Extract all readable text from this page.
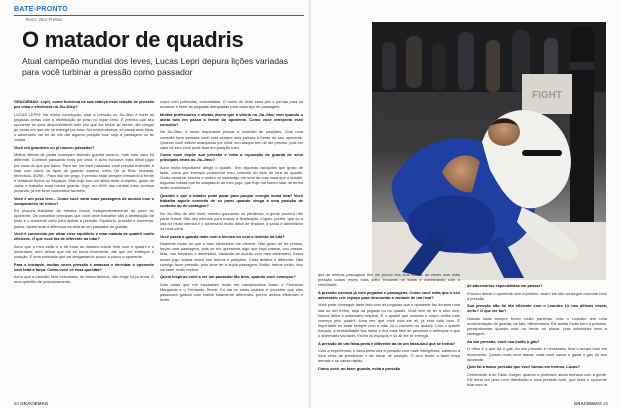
BATE-PRONTO
Texto: Vitor Freitas
O matador de quadris
Atual campeão mundial dos leves, Lucas Lepri depura lições variadas para você turbinar a pressão como passador

GRACIEMAG: Lepri, como funciona na sua cabeça essa relação de pressão por cima e eficiência no Jiu-Jitsu?

LUCAS LEPRI: Na minha concepção, usar a pressão no Jiu-Jitsu é fazer as pegadas certas com a distribuição de peso no lugar certo. É preciso que seu oponente se sinta desconfortável todo vez que ele tentar se mexer, até chegar ao ponto em que ele se entrega por total. Na minha cabeça, só passa uma ideia: o adversário vai ter de me dar alguma posição boa, seja a passagem ou as costas.

Você era guardeiro ou já nasceu passador?

Muitos atletas de ponta começam fazendo guarda mesmo, mas meu caso foi diferente. Comecei passando mais por cima, e acho inclusive mais difícil jogar por cima do que por baixo. Para ser um bom passador você precisa entender e lidar com todos os tipos de guarda: aranha, meia, De la Riva, fechada, berimbolo, 50/50... Para não ser pego, é preciso estar sempre pensando à frente e tentando fechar os espaços. Mas hoje sou um atleta mais completo, gosto de variar e trabalho mais minha guarda. Hoje, em 60% das minhas lutas começo puxando, já me sinto confortável também.

Você é um peso leve... Como você varia suas passagens de acordo com o companheiro de treino?

Eu procuro trabalhar da mesma forma, independentemente do peso do oponente. Os conceitos principais que você deve trabalhar são a distribuição de peso e o momento certo para aplicar a pressão. Equilíbrio, pressão e momento, juntos, fazem toda a diferença na vida de um passador de guarda.

Você é conhecido por atuar esse equilíbrio e uma matada de quadril muito eficiente. O que você faz de diferente ao lutar?

Acho que o meu estilo é o de estar ao máximo travar forte com o quadril e o adversário, sem deixar que ele se mova livremente, até que ele entregue a posição. É uma sufocada que vai desgastando pouco a pouco o oponente.

Para o iniciante, muitas vezes pressão é amassar e derrubar o oponente com toda a força. Como você vê essa questão?

Acho que a pressão bem executada, de forma técnica, não exige força bruta. É uma questão de posicionamento.

corpo com joelhadas, cotoveladas. O modo de estar seus pés e pernas para se encaixar e fazer as pegadas adequadas para cada tipo de passagem.

Muitos professores e atletas dizem que a vitória no Jiu-Jitsu vem quando o atleta tuta em passo à frente do oponente. Como você interpreta esse conceito?

No Jiu-Jitsu, é muito importante pensar a conexão de posições. Com uma conexão bem treinada você está sempre dois passos à frente do seu oponente. Quando você estiver avançando por cima, seu ataque tem de ser preciso, pois em caso de erro você pode ficar em posição ruim.

Como você impõe sua pressão e evita a reposição de guarda de seus principais rivais no Jiu-Jitsu?

Acho muito importante atingir o quadril. Tem algumas variações que gosto de fazer, como por exemplo posicionar meu cotovelo do lado de fora do quadril. Gosto ainda de colocar o ombro no estômago em uma de cote cosa que o quadril. Algumas coisas que fui adaptando ao meu jogo, que hoje me fazem lutar de forma muito confortável.

Quando é que o lutador pode parar para poupar energia numa luta? Você trabalha aquele conceito de só parar quando chega a uma posição de conforto ou de vantagem?

No Jiu-Jitsu de alto nível, mesmo ganhando ou perdendo, a gente procura não parar nunca. São dez minutos para buscar a finalização. Lógico, porém, que se a luta for muito intensa e o adversário muito difícil de finalizar, a saída é administrar na hora certa.

Você passa a guarda mais com a técnica ou com o instinto na luta?

Depende muito do que o meu adversário me oferece. Não gosto de ter pressa, forçar uma passagem, pois se ele apresenta algo que faça passar, vou passar. Mas, vou forçando o adversário. Variando de acordo com meu adversário, treino nesse jogo muitas vezes nos treinos e posições. Cada detalhe é diferente. Não consigo fazer pressão, pois deve ter a dupla passagem. Então, treinar muito, isso vai fazer muito melhor.

Quem inspirou você a ser um passador tão bom, quando você começou?

Dois caras que me inspiraram muito em campeonatos foram o Fernando Margarida e o Fernando Terere. Eu via os caras lutarem e perceber que eles passavam guarda com estilos totalmente diferentes, porém ambos eficientes e leves.

FIGHT

que as minhas passagens têm um pouco dos dois estilos: às vezes com mais pressão outras vezes mais solto, trocando os lados e combinando com a velocidade.

A pressão começa já com pegadas e passagens. Como você evita que o seu adversário crie espaço para desmontar a vontade de um rival?

Você pode conseguir fazer isso com as pegadas que o oponente faz durante uma luta ou um treino, seja na pegada ou no quadril. Você tem de ter o olho vivo. Nunca deixe o adversário respirar. É o quadril que conecta o corpo, então tudo começa pelo quadril. Uma vez que você cola ele ali, já está tudo bem. É importante eu estar sempre com a mão ou o cotovelo no quadril. Com o quadril travado, a sensibilidade fica maior e fica mais fácil de perceber e antecipar o que o adversário vai fazer. Fecha os espaços e só ali ele se entrega.

A pressão de um faixa-preta é diferente da de um faixa-azul que se treina?

Com a experiência, o faixa-preta usa a pressão com mais inteligência, sabendo a hora certa de pressionar e de trocar de posição. O azul tende a fazer força demais e se cansa rápido.

Como você, ao fazer guarda, evita a pressão

de adversários especialistas em passar?

Procuro deixar o oponente sem equilíbrio, assim ele não consegue executar bem a pressão.

Sua pressão não foi tão eficiente com o Leandro Lo nas últimas vezes, certo? O que ele faz?

Nossas lutas sempre foram muito parelhas, mas o Leandro tem uma movimentação de guarda, de fato, diferenciada. Ele aceita muito bem a pressão, principalmente quando está na frente no placar, pois administra bem a vantagem.

Ao dar pressão, você usa muito o gás?

O ritmo é o que dá o gás. Ao dar pressão é necessário ficar o tempo todo em movimento. Quanto mais você atacar, mais você cansa e gasta o gás do seu oponente.

Qual foi a maior pressão que você tomou em treinos, Lucas?

Certamente a do Fabio Gurgel, quando o professor ainda treinava com a gente. Ele tinha um peso bem distribuído e uma pressão forte, que fazia o oponente ficar sem ar.

84 GRACIEMAG	GRACIEMAG 15
